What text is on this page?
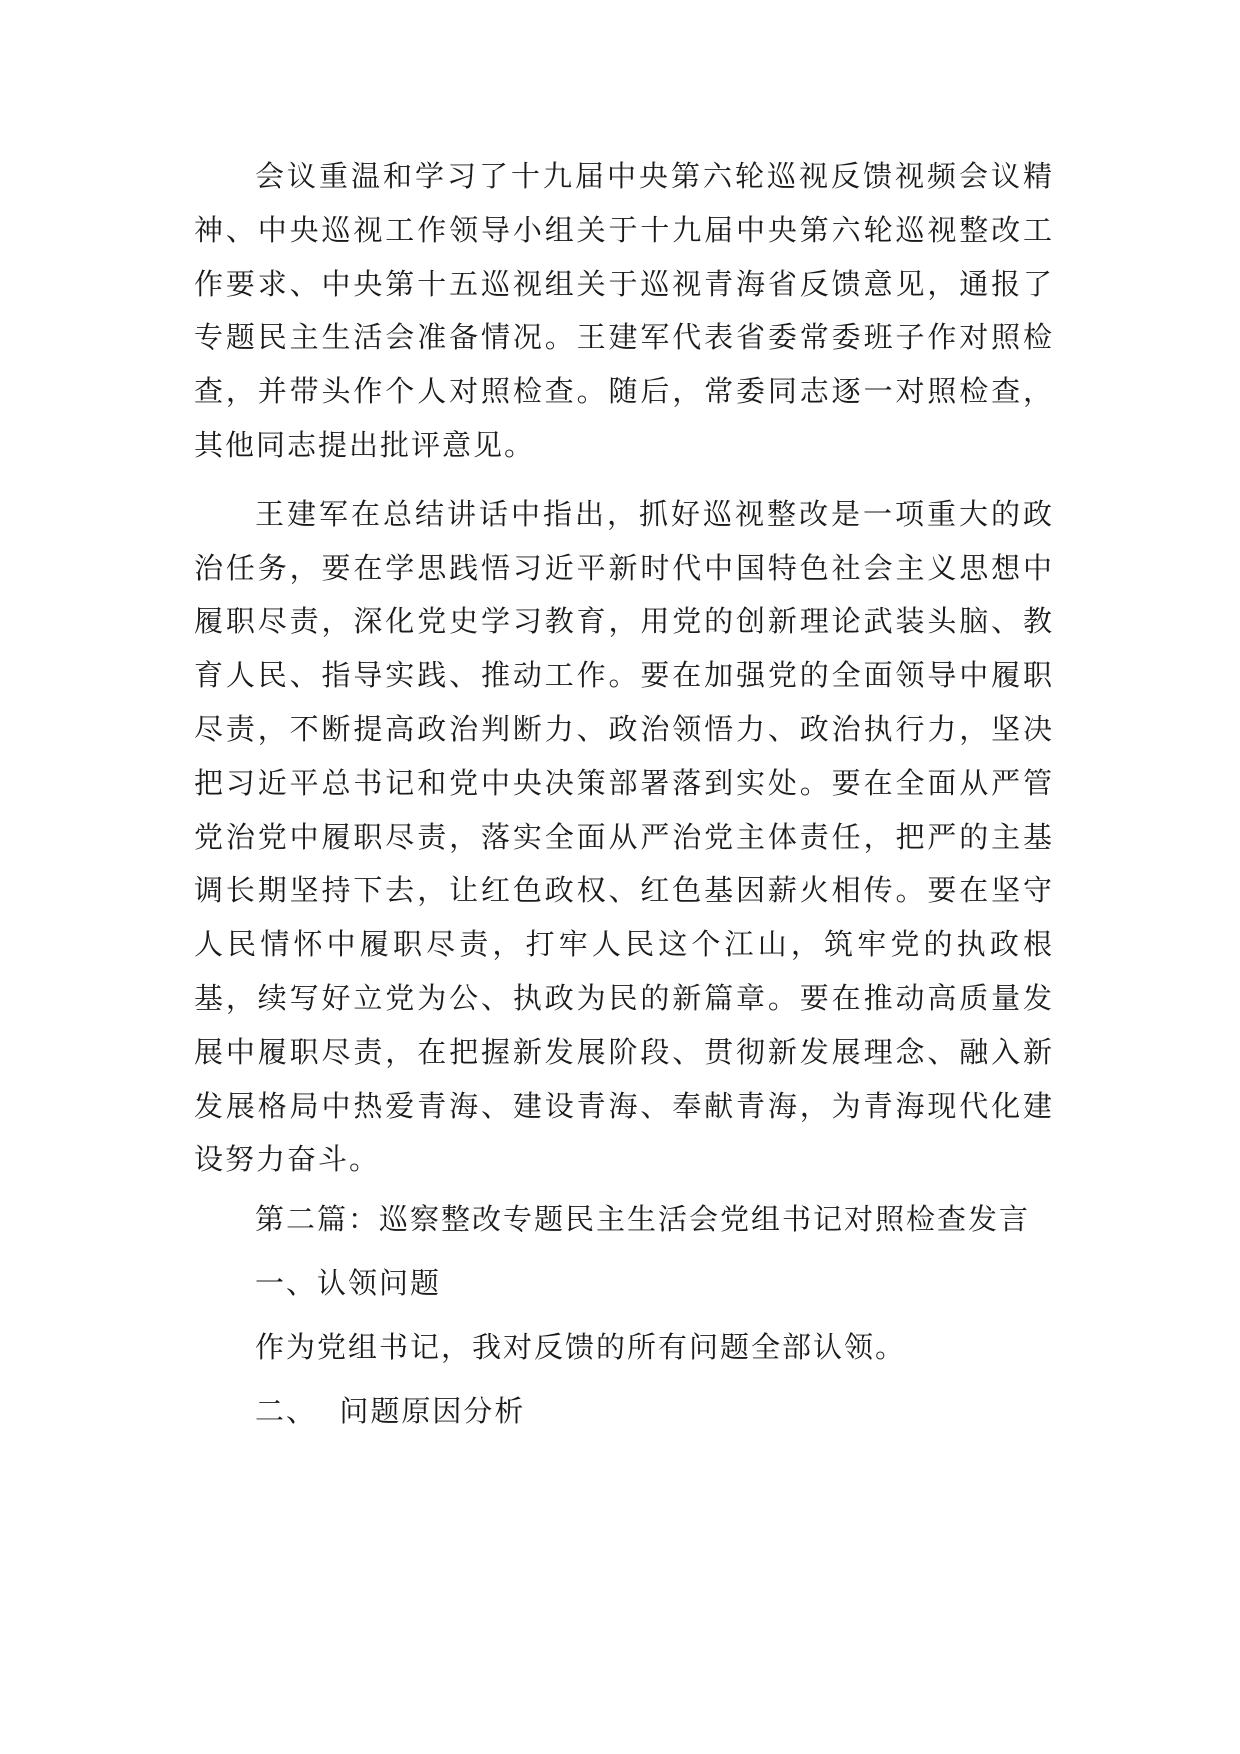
会议重温和学习了十九届中央第六轮巡视反馈视频会议精神、中央巡视工作领导小组关于十九届中央第六轮巡视整改工作要求、中央第十五巡视组关于巡视青海省反馈意见，通报了专题民主生活会准备情况。王建军代表省委常委班子作对照检查，并带头作个人对照检查。随后，常委同志逐一对照检查，其他同志提出批评意见。

王建军在总结讲话中指出，抓好巡视整改是一项重大的政治任务，要在学思践悟习近平新时代中国特色社会主义思想中履职尽责，深化党史学习教育，用党的创新理论武装头脑、教育人民、指导实践、推动工作。要在加强党的全面领导中履职尽责，不断提高政治判断力、政治领悟力、政治执行力，坚决把习近平总书记和党中央决策部署落到实处。要在全面从严管党治党中履职尽责，落实全面从严治党主体责任，把严的主基调长期坚持下去，让红色政权、红色基因薪火相传。要在坚守人民情怀中履职尽责，打牢人民这个江山，筑牢党的执政根基，续写好立党为公、执政为民的新篇章。要在推动高质量发展中履职尽责，在把握新发展阶段、贯彻新发展理念、融入新发展格局中热爱青海、建设青海、奉献青海，为青海现代化建设努力奋斗。

第二篇：巡察整改专题民主生活会党组书记对照检查发言

一、认领问题

作为党组书记，我对反馈的所有问题全部认领。

二、  问题原因分析
